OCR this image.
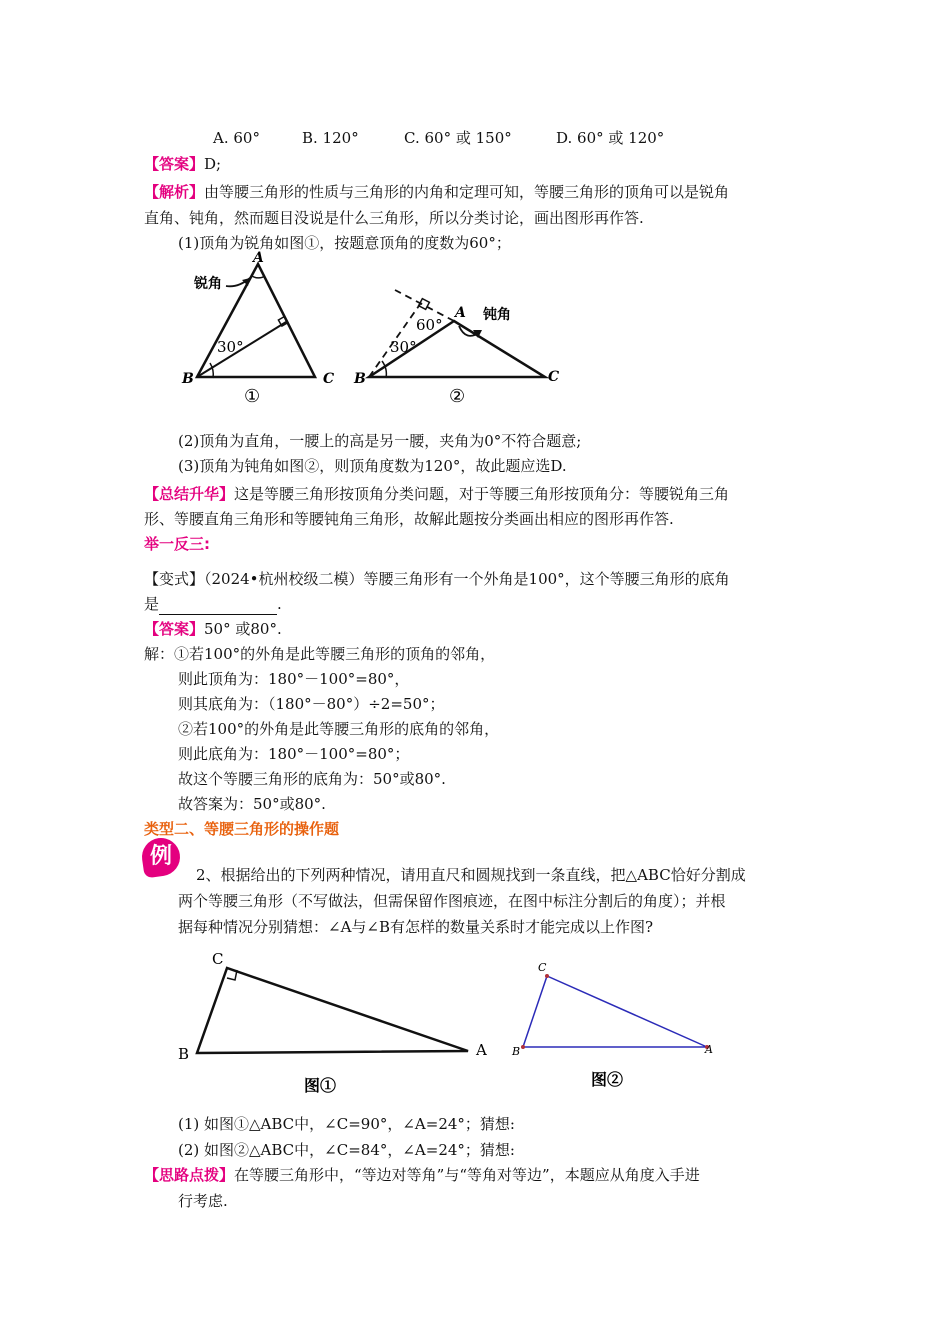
A. 60°	B. 120°	C. 60° 或 150°	D. 60° 或 120°
【答案】D;
【解析】由等腰三角形的性质与三角形的内角和定理可知，等腰三角形的顶角可以是锐角
直角、钝角，然而题目没说是什么三角形，所以分类讨论，画出图形再作答.
(1)顶角为锐角如图①，按题意顶角的度数为60°；
锐角
A
B	C
30°
①
钝角
A
B	C
60°
30°
②
(2)顶角为直角，一腰上的高是另一腰，夹角为0°不符合题意;
(3)顶角为钝角如图②，则顶角度数为120°，故此题应选D.
【总结升华】这是等腰三角形按顶角分类问题，对于等腰三角形按顶角分：等腰锐角三角
形、等腰直角三角形和等腰钝角三角形，故解此题按分类画出相应的图形再作答.
举一反三:
【变式】（2024•杭州校级二模）等腰三角形有一个外角是100°，这个等腰三角形的底角
是	.
【答案】50° 或80°.
解：①若100°的外角是此等腰三角形的顶角的邻角，
则此顶角为：180°－100°=80°，
则其底角为：（180°－80°）÷2=50°；
②若100°的外角是此等腰三角形的底角的邻角，
则此底角为：180°－100°=80°；
故这个等腰三角形的底角为：50°或80°.
故答案为：50°或80°.
类型二、等腰三角形的操作题
例
2、根据给出的下列两种情况，请用直尺和圆规找到一条直线，把△ABC恰好分割成
两个等腰三角形（不写做法，但需保留作图痕迹，在图中标注分割后的角度）；并根
据每种情况分别猜想：∠A与∠B有怎样的数量关系时才能完成以上作图?
C
B	A
图①
C
B	A
图②
(1) 如图①△ABC中，∠C=90°，∠A=24°；猜想:
(2) 如图②△ABC中，∠C=84°，∠A=24°；猜想:
【思路点拨】在等腰三角形中，“等边对等角”与“等角对等边”，本题应从角度入手进
行考虑.
